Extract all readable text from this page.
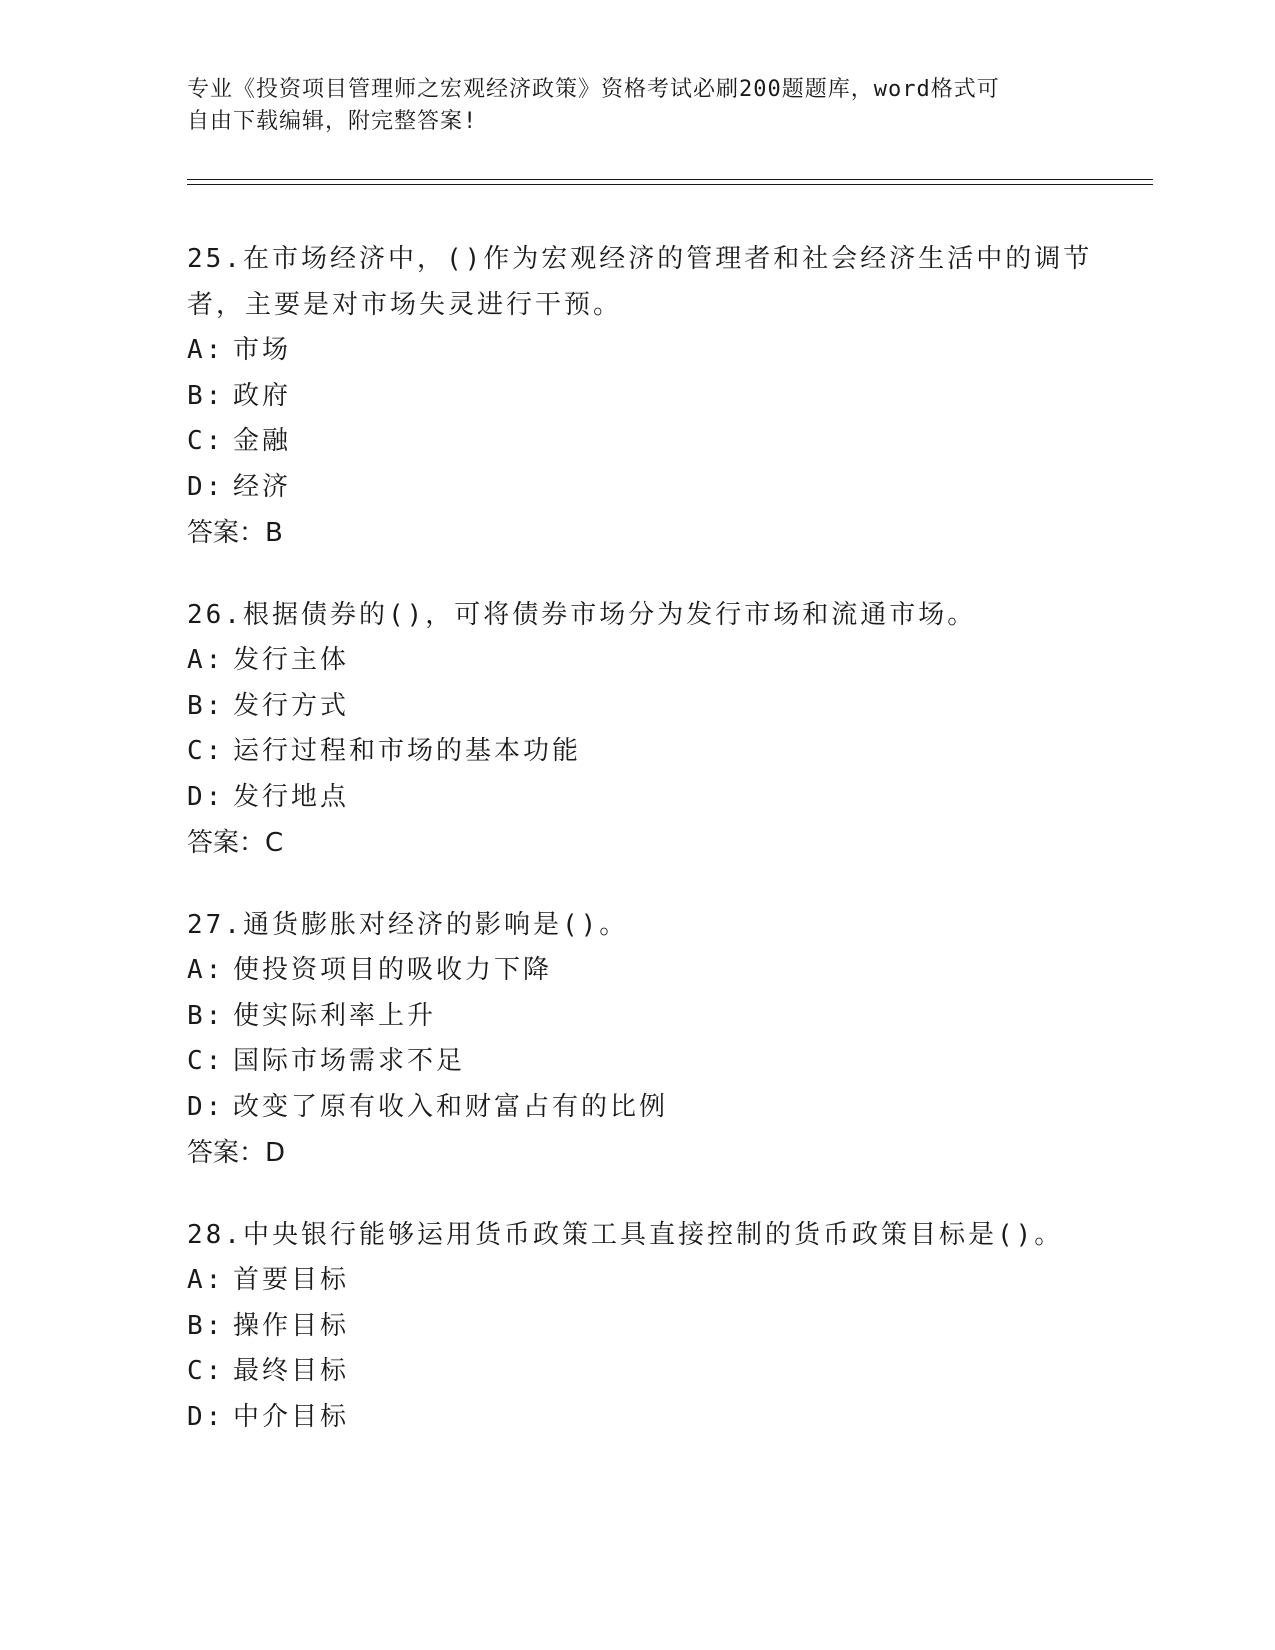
专业《投资项目管理师之宏观经济政策》资格考试必刷200题题库，word格式可
自由下载编辑，附完整答案!
25.在市场经济中，()作为宏观经济的管理者和社会经济生活中的调节
者，主要是对市场失灵进行干预。
A: 市场
B: 政府
C: 金融
D: 经济
答案：B
26.根据债券的()，可将债券市场分为发行市场和流通市场。
A: 发行主体
B: 发行方式
C: 运行过程和市场的基本功能
D: 发行地点
答案：C
27.通货膨胀对经济的影响是()。
A: 使投资项目的吸收力下降
B: 使实际利率上升
C: 国际市场需求不足
D: 改变了原有收入和财富占有的比例
答案：D
28.中央银行能够运用货币政策工具直接控制的货币政策目标是()。
A: 首要目标
B: 操作目标
C: 最终目标
D: 中介目标
